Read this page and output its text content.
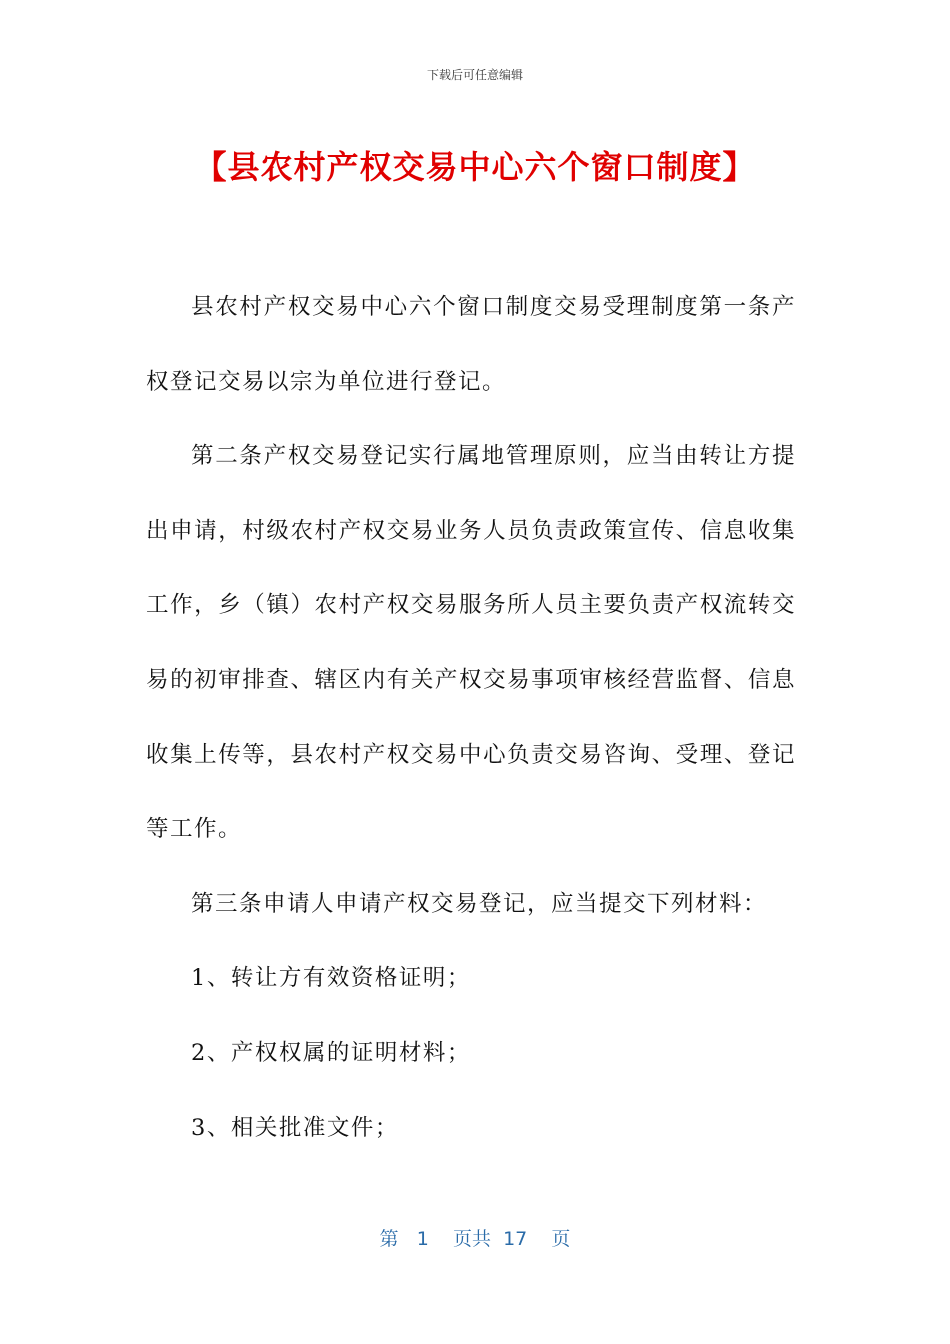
下载后可任意编辑
【县农村产权交易中心六个窗口制度】

县农村产权交易中心六个窗口制度交易受理制度第一条产权登记交易以宗为单位进行登记。

第二条产权交易登记实行属地管理原则，应当由转让方提出申请，村级农村产权交易业务人员负责政策宣传、信息收集工作，乡（镇）农村产权交易服务所人员主要负责产权流转交易的初审排查、辖区内有关产权交易事项审核经营监督、信息收集上传等，县农村产权交易中心负责交易咨询、受理、登记等工作。

第三条申请人申请产权交易登记，应当提交下列材料：

1、转让方有效资格证明；

2、产权权属的证明材料；

3、相关批准文件；

第 1 页共 17 页
